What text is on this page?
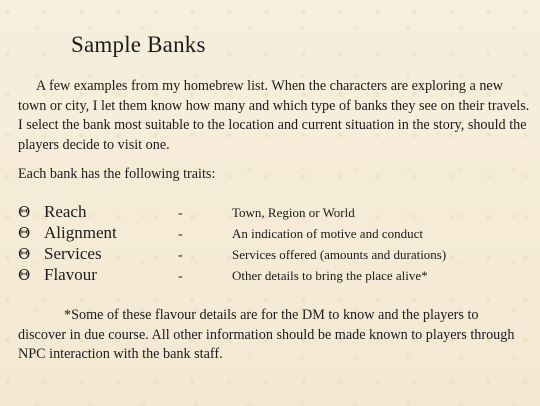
Sample Banks

A few examples from my homebrew list. When the characters are exploring a new town or city, I let them know how many and which type of banks they see on their travels. I select the bank most suitable to the location and current situation in the story, should the players decide to visit one.

Each bank has the following traits:

Θ Reach	-	Town, Region or World
Θ Alignment	-	An indication of motive and conduct
Θ Services	-	Services offered (amounts and durations)
Θ Flavour	-	Other details to bring the place alive*

*Some of these flavour details are for the DM to know and the players to discover in due course. All other information should be made known to players through NPC interaction with the bank staff.
